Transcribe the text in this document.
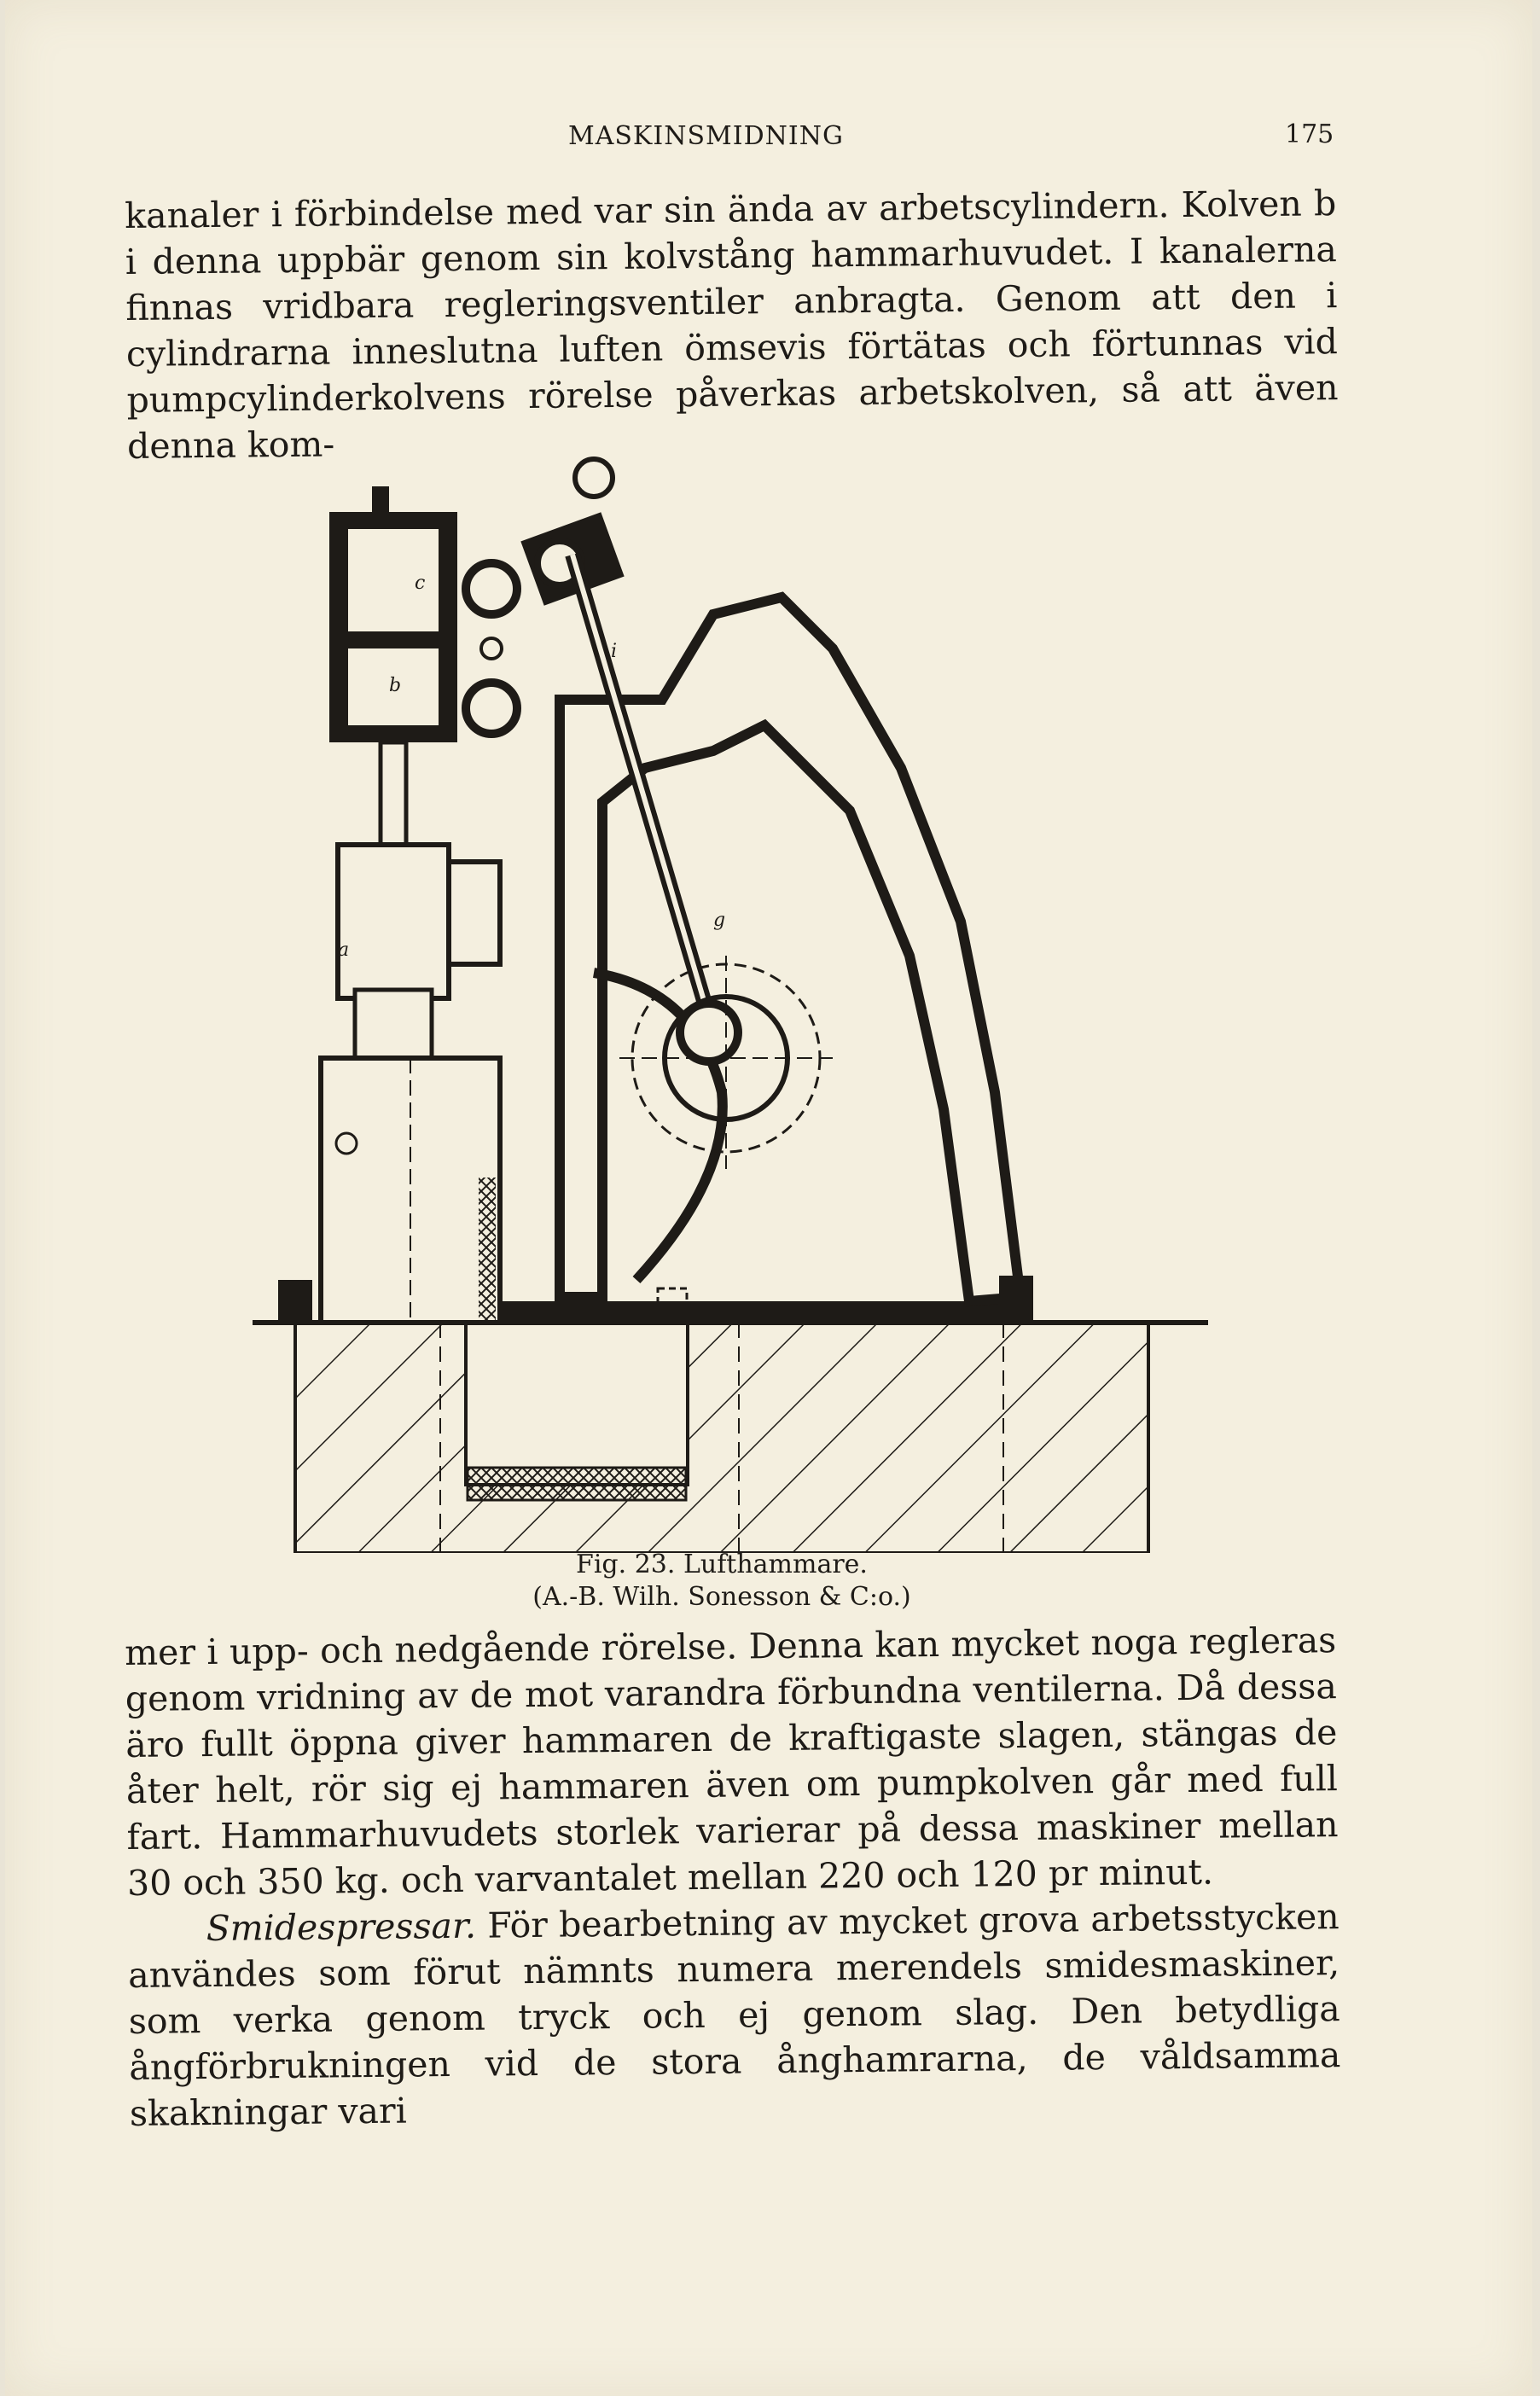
MASKINSMIDNING	175

kanaler i förbindelse med var sin ända av arbetscylindern. Kolven b i denna uppbär genom sin kolvstång hammarhuvudet. I kanalerna finnas vridbara regleringsventiler anbragta. Genom att den i cylindrarna inneslutna luften ömsevis förtätas och förtunnas vid pumpcylinderkolvens rörelse påverkas arbetskolven, så att även denna kom-

c
b
i
g
a
Fig. 23. Lufthammare.
(A.-B. Wilh. Sonesson & C:o.)

mer i upp- och nedgående rörelse. Denna kan mycket noga regleras genom vridning av de mot varandra förbundna ventilerna. Då dessa äro fullt öppna giver hammaren de kraftigaste slagen, stängas de åter helt, rör sig ej hammaren även om pumpkolven går med full fart. Hammarhuvudets storlek varierar på dessa maskiner mellan 30 och 350 kg. och varvantalet mellan 220 och 120 pr minut.

Smidespressar. För bearbetning av mycket grova arbetsstycken användes som förut nämnts numera merendels smidesmaskiner, som verka genom tryck och ej genom slag. Den betydliga ångförbrukningen vid de stora ånghamrarna, de våldsamma skakningar vari
